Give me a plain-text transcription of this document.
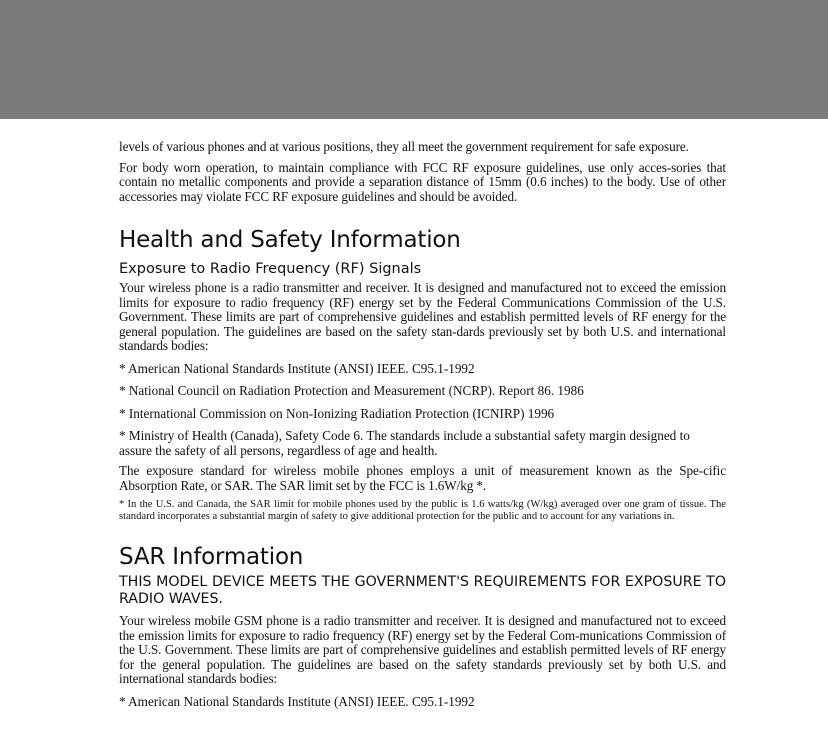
levels of various phones and at various positions, they all meet the government requirement for safe exposure.

For body worn operation, to maintain compliance with FCC RF exposure guidelines, use only acces-sories that contain no metallic components and provide a separation distance of 15mm (0.6 inches) to the body. Use of other accessories may violate FCC RF exposure guidelines and should be avoided.

Health and Safety Information
Exposure to Radio Frequency (RF) Signals

Your wireless phone is a radio transmitter and receiver. It is designed and manufactured not to exceed the emission limits for exposure to radio frequency (RF) energy set by the Federal Communications Commission of the U.S. Government. These limits are part of comprehensive guidelines and establish permitted levels of RF energy for the general population. The guidelines are based on the safety stan-dards previously set by both U.S. and international standards bodies:

* American National Standards Institute (ANSI) IEEE. C95.1-1992

* National Council on Radiation Protection and Measurement (NCRP). Report 86. 1986

* International Commission on Non-Ionizing Radiation Protection (ICNIRP) 1996

* Ministry of Health (Canada), Safety Code 6. The standards include a substantial safety margin designed to assure the safety of all persons, regardless of age and health.

The exposure standard for wireless mobile phones employs a unit of measurement known as the Spe-cific Absorption Rate, or SAR. The SAR limit set by the FCC is 1.6W/kg *.

* In the U.S. and Canada, the SAR limit for mobile phones used by the public is 1.6 watts/kg (W/kg) averaged over one gram of tissue. The standard incorporates a substantial margin of safety to give additional protection for the public and to account for any variations in.

SAR Information

THIS MODEL DEVICE MEETS THE GOVERNMENT'S REQUIREMENTS FOR EXPOSURE TO RADIO WAVES.

Your wireless mobile GSM phone is a radio transmitter and receiver. It is designed and manufactured not to exceed the emission limits for exposure to radio frequency (RF) energy set by the Federal Com-munications Commission of the U.S. Government. These limits are part of comprehensive guidelines and establish permitted levels of RF energy for the general population. The guidelines are based on the safety standards previously set by both U.S. and international standards bodies:

* American National Standards Institute (ANSI) IEEE. C95.1-1992
